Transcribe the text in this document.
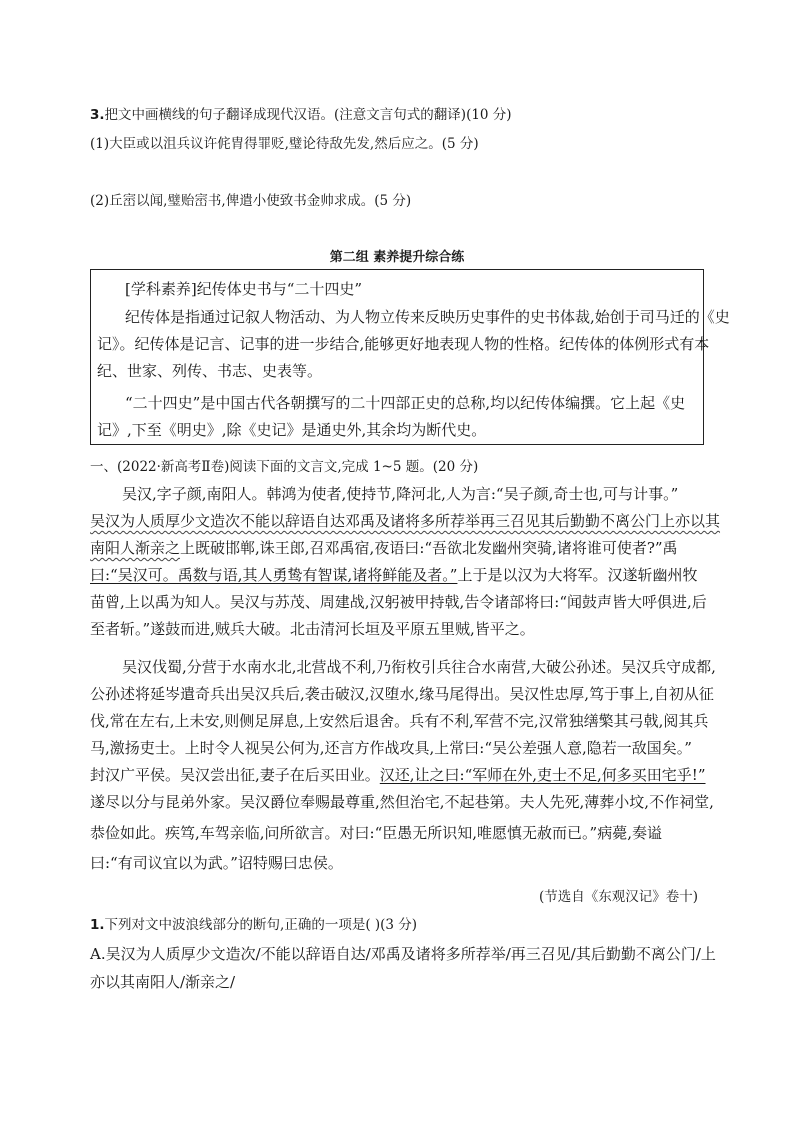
3.把文中画横线的句子翻译成现代汉语。(注意文言句式的翻译)(10 分)
(1)大臣或以沮兵议许侂胄得罪贬,璧论待敌先发,然后应之。(5 分)
(2)丘崈以闻,璧贻崈书,俾遣小使致书金帅求成。(5 分)
第二组 素养提升综合练
[学科素养]纪传体史书与“二十四史”
纪传体是指通过记叙人物活动、为人物立传来反映历史事件的史书体裁,始创于司马迁的《史
记》。纪传体是记言、记事的进一步结合,能够更好地表现人物的性格。纪传体的体例形式有本
纪、世家、列传、书志、史表等。
“二十四史”是中国古代各朝撰写的二十四部正史的总称,均以纪传体编撰。它上起《史
记》,下至《明史》,除《史记》是通史外,其余均为断代史。
一、(2022·新高考Ⅱ卷)阅读下面的文言文,完成 1~5 题。(20 分)
吴汉,字子颜,南阳人。韩鸿为使者,使持节,降河北,人为言:“吴子颜,奇士也,可与计事。”
吴汉为人质厚少文造次不能以辞语自达邓禹及诸将多所荐举再三召见其后勤勤不离公门上亦以其
南阳人渐亲之上既破邯郸,诛王郎,召邓禹宿,夜语曰:“吾欲北发幽州突骑,诸将谁可使者?”禹
曰:“吴汉可。禹数与语,其人勇鸷有智谋,诸将鲜能及者。”上于是以汉为大将军。汉遂斩幽州牧
苗曾,上以禹为知人。吴汉与苏茂、周建战,汉躬被甲持戟,告令诸部将曰:“闻鼓声皆大呼俱进,后
至者斩。”遂鼓而进,贼兵大破。北击清河长垣及平原五里贼,皆平之。
吴汉伐蜀,分营于水南水北,北营战不利,乃衔枚引兵往合水南营,大破公孙述。吴汉兵守成都,
公孙述将延岑遣奇兵出吴汉兵后,袭击破汉,汉堕水,缘马尾得出。吴汉性忠厚,笃于事上,自初从征
伐,常在左右,上未安,则侧足屏息,上安然后退舍。兵有不利,军营不完,汉常独缮檠其弓戟,阅其兵
马,激扬吏士。上时令人视吴公何为,还言方作战攻具,上常曰:“吴公差强人意,隐若一敌国矣。”
封汉广平侯。吴汉尝出征,妻子在后买田业。汉还,让之曰:“军师在外,吏士不足,何多买田宅乎!”
遂尽以分与昆弟外家。吴汉爵位奉赐最尊重,然但治宅,不起巷第。夫人先死,薄葬小坟,不作祠堂,
恭俭如此。疾笃,车驾亲临,问所欲言。对曰:“臣愚无所识知,唯愿慎无赦而已。”病薨,奏谥
曰:“有司议宜以为武。”诏特赐曰忠侯。
(节选自《东观汉记》卷十)
1.下列对文中波浪线部分的断句,正确的一项是( )(3 分)
A.吴汉为人质厚少文造次/不能以辞语自达/邓禹及诸将多所荐举/再三召见/其后勤勤不离公门/上
亦以其南阳人/渐亲之/
